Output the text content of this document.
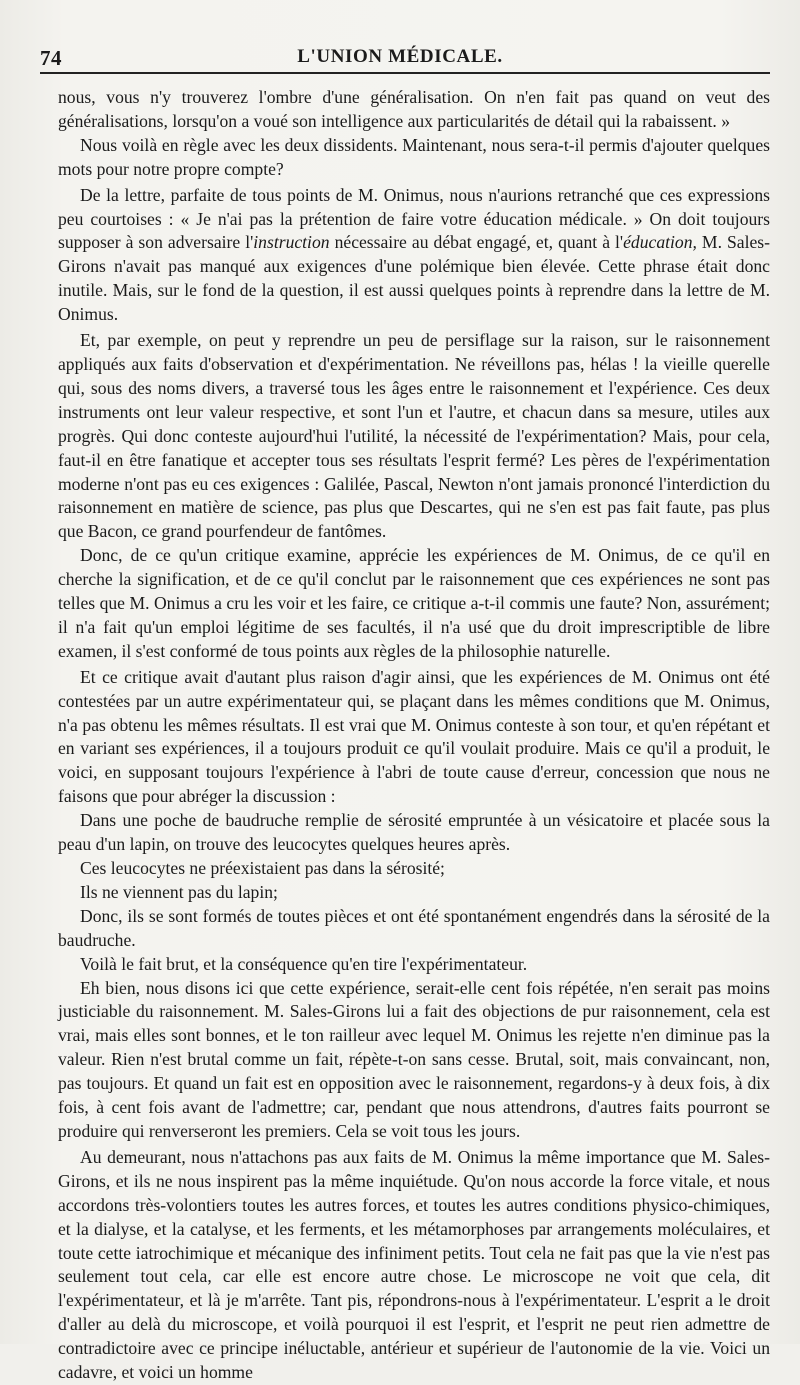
74	L'UNION MÉDICALE.

nous, vous n'y trouverez l'ombre d'une généralisation. On n'en fait pas quand on veut des généralisations, lorsqu'on a voué son intelligence aux particularités de détail qui la rabaissent. »

Nous voilà en règle avec les deux dissidents. Maintenant, nous sera-t-il permis d'ajouter quelques mots pour notre propre compte?

De la lettre, parfaite de tous points de M. Onimus, nous n'aurions retranché que ces expressions peu courtoises : « Je n'ai pas la prétention de faire votre éducation médicale. » On doit toujours supposer à son adversaire l'instruction nécessaire au débat engagé, et, quant à l'éducation, M. Sales-Girons n'avait pas manqué aux exigences d'une polémique bien élevée. Cette phrase était donc inutile. Mais, sur le fond de la question, il est aussi quelques points à reprendre dans la lettre de M. Onimus.

Et, par exemple, on peut y reprendre un peu de persiflage sur la raison, sur le raisonnement appliqués aux faits d'observation et d'expérimentation. Ne réveillons pas, hélas ! la vieille querelle qui, sous des noms divers, a traversé tous les âges entre le raisonnement et l'expérience. Ces deux instruments ont leur valeur respective, et sont l'un et l'autre, et chacun dans sa mesure, utiles aux progrès. Qui donc conteste aujourd'hui l'utilité, la nécessité de l'expérimentation? Mais, pour cela, faut-il en être fanatique et accepter tous ses résultats l'esprit fermé? Les pères de l'expérimentation moderne n'ont pas eu ces exigences : Galilée, Pascal, Newton n'ont jamais prononcé l'interdiction du raisonnement en matière de science, pas plus que Descartes, qui ne s'en est pas fait faute, pas plus que Bacon, ce grand pourfendeur de fantômes.

Donc, de ce qu'un critique examine, apprécie les expériences de M. Onimus, de ce qu'il en cherche la signification, et de ce qu'il conclut par le raisonnement que ces expériences ne sont pas telles que M. Onimus a cru les voir et les faire, ce critique a-t-il commis une faute? Non, assurément; il n'a fait qu'un emploi légitime de ses facultés, il n'a usé que du droit imprescriptible de libre examen, il s'est conformé de tous points aux règles de la philosophie naturelle.

Et ce critique avait d'autant plus raison d'agir ainsi, que les expériences de M. Onimus ont été contestées par un autre expérimentateur qui, se plaçant dans les mêmes conditions que M. Onimus, n'a pas obtenu les mêmes résultats. Il est vrai que M. Onimus conteste à son tour, et qu'en répétant et en variant ses expériences, il a toujours produit ce qu'il voulait produire. Mais ce qu'il a produit, le voici, en supposant toujours l'expérience à l'abri de toute cause d'erreur, concession que nous ne faisons que pour abréger la discussion :

Dans une poche de baudruche remplie de sérosité empruntée à un vésicatoire et placée sous la peau d'un lapin, on trouve des leucocytes quelques heures après.

Ces leucocytes ne préexistaient pas dans la sérosité;

Ils ne viennent pas du lapin;

Donc, ils se sont formés de toutes pièces et ont été spontanément engendrés dans la sérosité de la baudruche.

Voilà le fait brut, et la conséquence qu'en tire l'expérimentateur.

Eh bien, nous disons ici que cette expérience, serait-elle cent fois répétée, n'en serait pas moins justiciable du raisonnement. M. Sales-Girons lui a fait des objections de pur raisonnement, cela est vrai, mais elles sont bonnes, et le ton railleur avec lequel M. Onimus les rejette n'en diminue pas la valeur. Rien n'est brutal comme un fait, répète-t-on sans cesse. Brutal, soit, mais convaincant, non, pas toujours. Et quand un fait est en opposition avec le raisonnement, regardons-y à deux fois, à dix fois, à cent fois avant de l'admettre; car, pendant que nous attendrons, d'autres faits pourront se produire qui renverseront les premiers. Cela se voit tous les jours.

Au demeurant, nous n'attachons pas aux faits de M. Onimus la même importance que M. Sales-Girons, et ils ne nous inspirent pas la même inquiétude. Qu'on nous accorde la force vitale, et nous accordons très-volontiers toutes les autres forces, et toutes les autres conditions physico-chimiques, et la dialyse, et la catalyse, et les ferments, et les métamorphoses par arrangements moléculaires, et toute cette iatrochimique et mécanique des infiniment petits. Tout cela ne fait pas que la vie n'est pas seulement tout cela, car elle est encore autre chose. Le microscope ne voit que cela, dit l'expérimentateur, et là je m'arrête. Tant pis, répondrons-nous à l'expérimentateur. L'esprit a le droit d'aller au delà du microscope, et voilà pourquoi il est l'esprit, et l'esprit ne peut rien admettre de contradictoire avec ce principe inéluctable, antérieur et supérieur de l'autonomie de la vie. Voici un cadavre, et voici un homme
